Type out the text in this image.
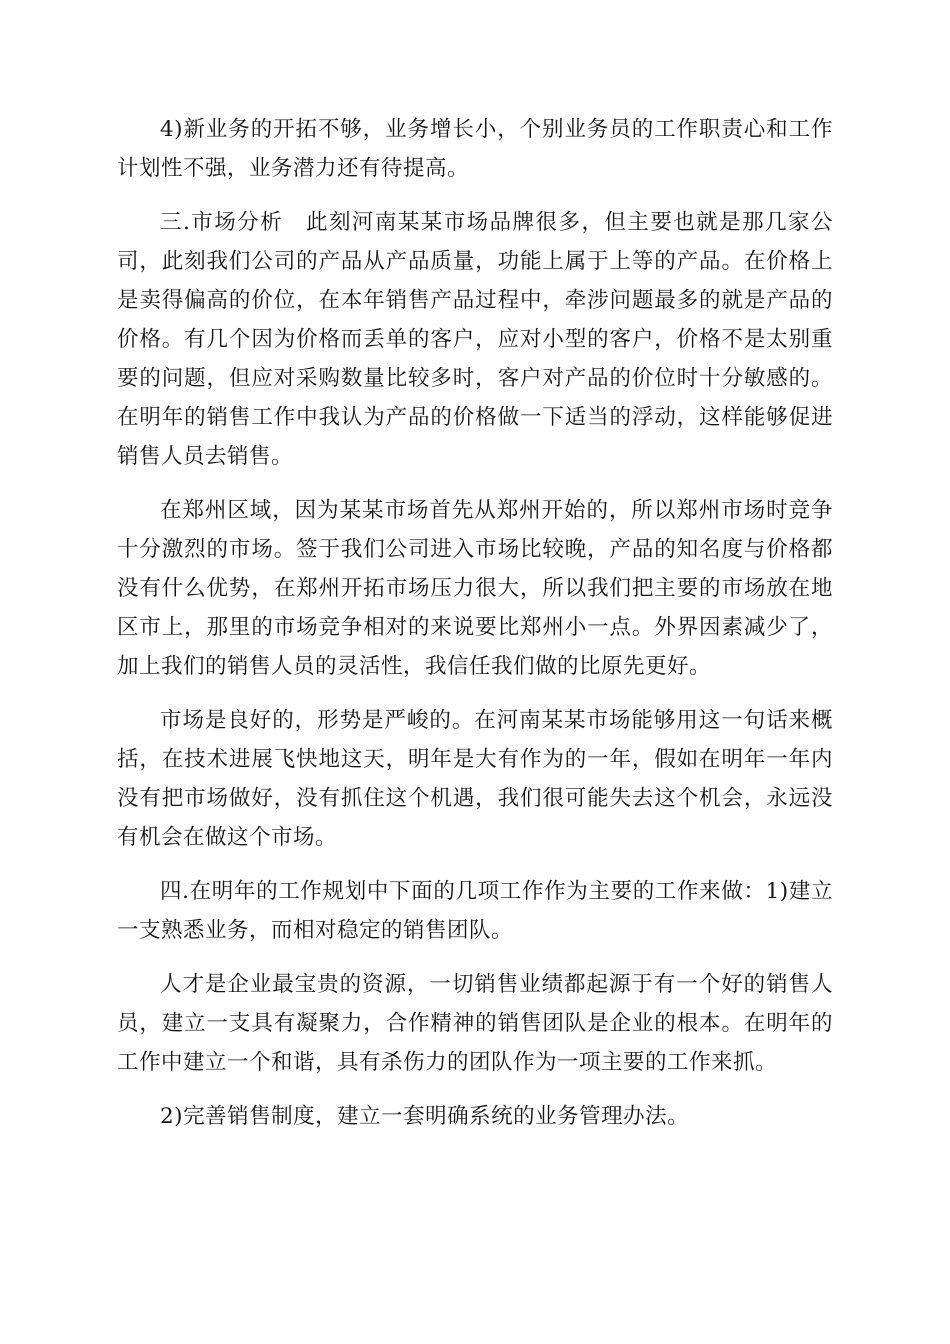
4)新业务的开拓不够，业务增长小，个别业务员的工作职责心和工作计划性不强，业务潜力还有待提高。

三.市场分析　此刻河南某某市场品牌很多，但主要也就是那几家公司，此刻我们公司的产品从产品质量，功能上属于上等的产品。在价格上是卖得偏高的价位，在本年销售产品过程中，牵涉问题最多的就是产品的价格。有几个因为价格而丢单的客户，应对小型的客户，价格不是太别重要的问题，但应对采购数量比较多时，客户对产品的价位时十分敏感的。在明年的销售工作中我认为产品的价格做一下适当的浮动，这样能够促进销售人员去销售。

在郑州区域，因为某某市场首先从郑州开始的，所以郑州市场时竞争十分激烈的市场。签于我们公司进入市场比较晚，产品的知名度与价格都没有什么优势，在郑州开拓市场压力很大，所以我们把主要的市场放在地区市上，那里的市场竞争相对的来说要比郑州小一点。外界因素减少了，加上我们的销售人员的灵活性，我信任我们做的比原先更好。

市场是良好的，形势是严峻的。在河南某某市场能够用这一句话来概括，在技术进展飞快地这天，明年是大有作为的一年，假如在明年一年内没有把市场做好，没有抓住这个机遇，我们很可能失去这个机会，永远没有机会在做这个市场。

四.在明年的工作规划中下面的几项工作作为主要的工作来做：1)建立一支熟悉业务，而相对稳定的销售团队。

人才是企业最宝贵的资源，一切销售业绩都起源于有一个好的销售人员，建立一支具有凝聚力，合作精神的销售团队是企业的根本。在明年的工作中建立一个和谐，具有杀伤力的团队作为一项主要的工作来抓。

2)完善销售制度，建立一套明确系统的业务管理办法。
